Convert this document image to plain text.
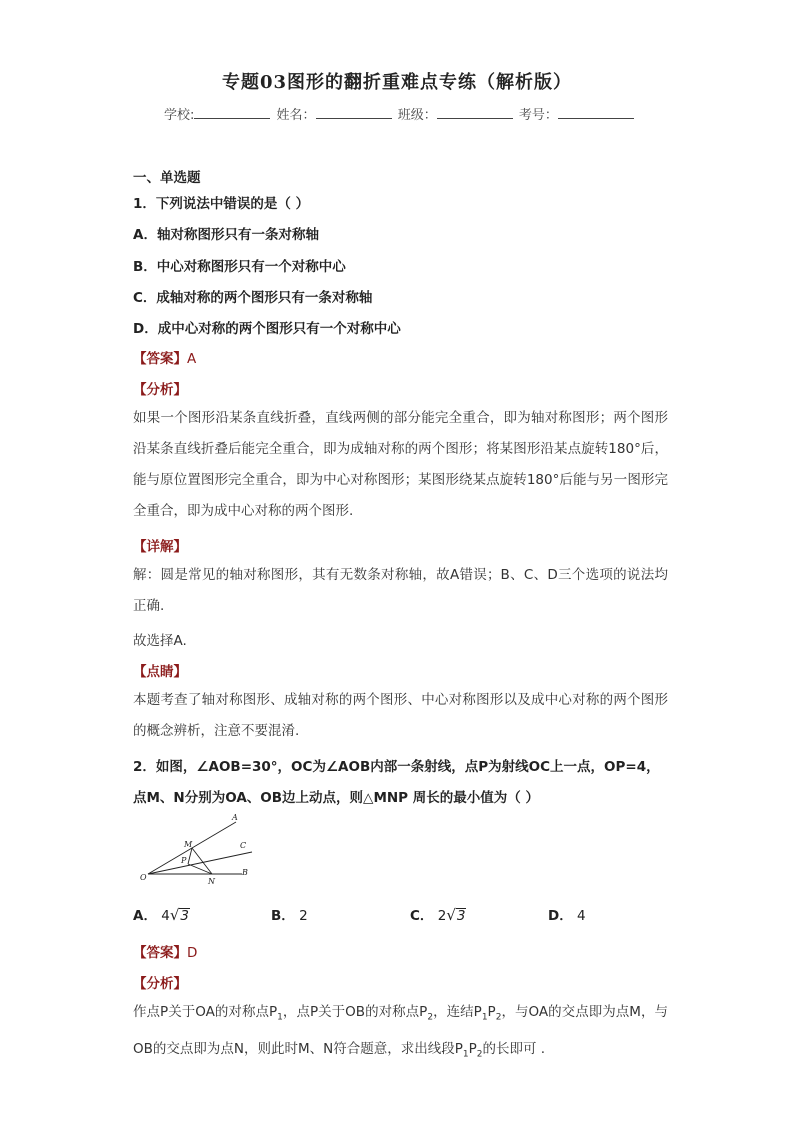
专题03图形的翻折重难点专练（解析版）
学校:	姓名：	班级：	考号：
一、单选题
1．下列说法中错误的是（ ）
A．轴对称图形只有一条对称轴
B．中心对称图形只有一个对称中心
C．成轴对称的两个图形只有一条对称轴
D．成中心对称的两个图形只有一个对称中心
【答案】A
【分析】
如果一个图形沿某条直线折叠，直线两侧的部分能完全重合，即为轴对称图形；两个图形沿某条直线折叠后能完全重合，即为成轴对称的两个图形；将某图形沿某点旋转180°后，能与原位置图形完全重合，即为中心对称图形；某图形绕某点旋转180°后能与另一图形完全重合，即为成中心对称的两个图形.
【详解】
解：圆是常见的轴对称图形，其有无数条对称轴，故A错误；B、C、D三个选项的说法均正确.
故选择A.
【点睛】
本题考查了轴对称图形、成轴对称的两个图形、中心对称图形以及成中心对称的两个图形的概念辨析，注意不要混淆.
2．如图，∠AOB=30°，OC为∠AOB内部一条射线，点P为射线OC上一点，OP=4，
点M、N分别为OA、OB边上动点，则△MNP 周长的最小值为（ ）
A
C
B
O
M
P
N
A． 4√3	B． 2	C． 2√3	D． 4
【答案】D
【分析】
作点P关于OA的对称点$P_1$，点P关于OB的对称点$P_2$，连结$P_1P_2$，与OA的交点即为点M，与OB的交点即为点N，则此时M、N符合题意，求出线段$P_1P_2$的长即可 .
